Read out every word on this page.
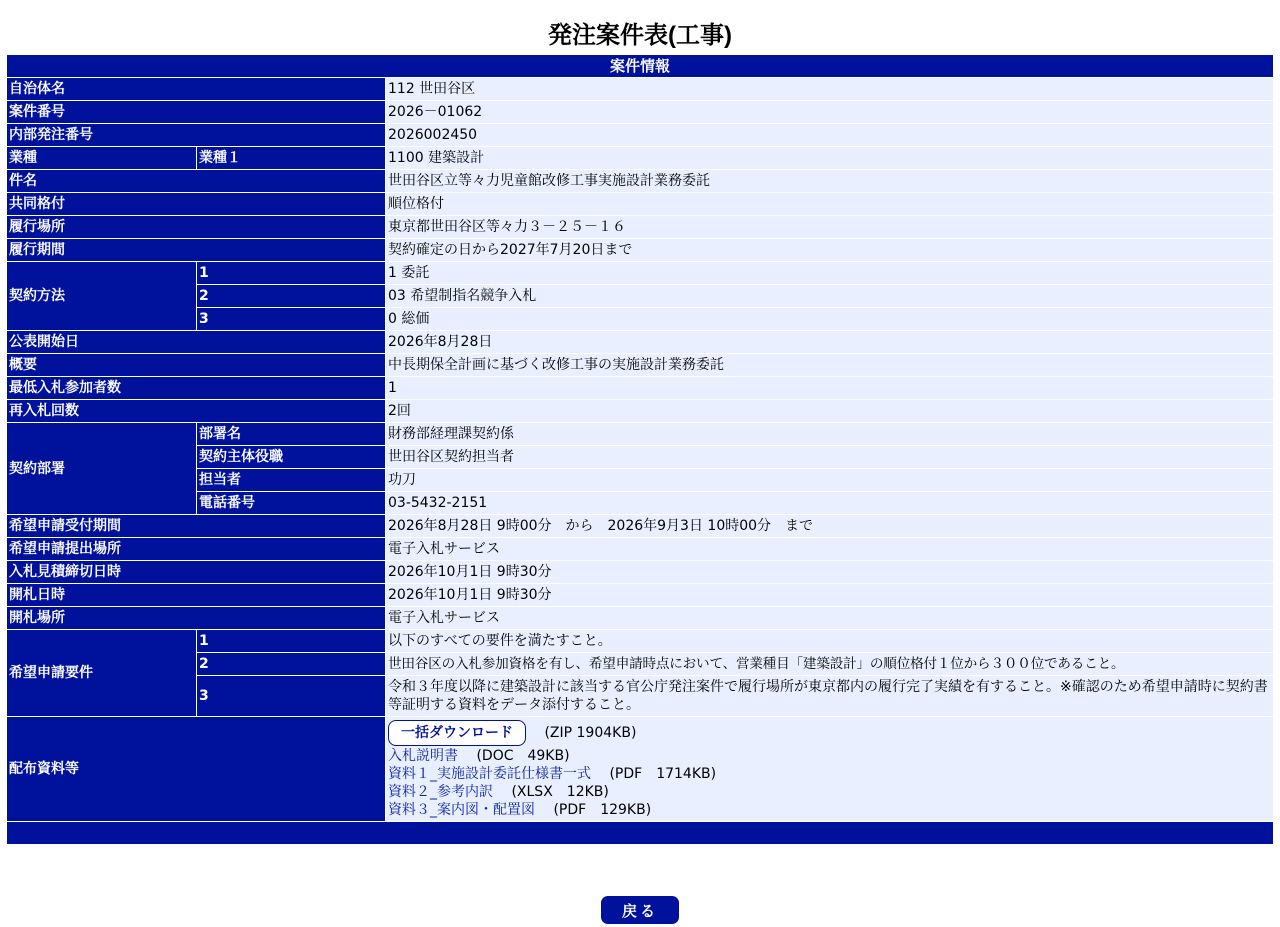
発注案件表(工事)
案件情報		
自治体名		112 世田谷区
案件番号		2026－01062
内部発注番号		2026002450
業種	業種１	1100 建築設計
件名		世田谷区立等々力児童館改修工事実施設計業務委託
共同格付		順位格付
履行場所		東京都世田谷区等々力３－２５－１６
履行期間		契約確定の日から2027年7月20日まで
契約方法	1	1 委託
	2	03 希望制指名競争入札
	3	0 総価
公表開始日		2026年8月28日
概要		中長期保全計画に基づく改修工事の実施設計業務委託
最低入札参加者数		1
再入札回数		2回
契約部署	部署名	財務部経理課契約係
	契約主体役職	世田谷区契約担当者
	担当者	功刀
	電話番号	03-5432-2151
希望申請受付期間		2026年8月28日 9時00分　から　2026年9月3日 10時00分　まで
希望申請提出場所		電子入札サービス
入札見積締切日時		2026年10月1日 9時30分
開札日時		2026年10月1日 9時30分
開札場所		電子入札サービス
希望申請要件	1	以下のすべての要件を満たすこと。
	2	世田谷区の入札参加資格を有し、希望申請時点において、営業種目「建築設計」の順位格付１位から３００位であること。
	3	令和３年度以降に建築設計に該当する官公庁発注案件で履行場所が東京都内の履行完了実績を有すること。※確認のため希望申請時に契約書等証明する資料をデータ添付すること。
配布資料等		一括ダウンロード (ZIP 1904KB)
入札説明書 (DOC　49KB)
資料１_実施設計委託仕様書一式 (PDF　1714KB)
資料２_参考内訳 (XLSX　12KB)
資料３_案内図・配置図 (PDF　129KB)

戻る
